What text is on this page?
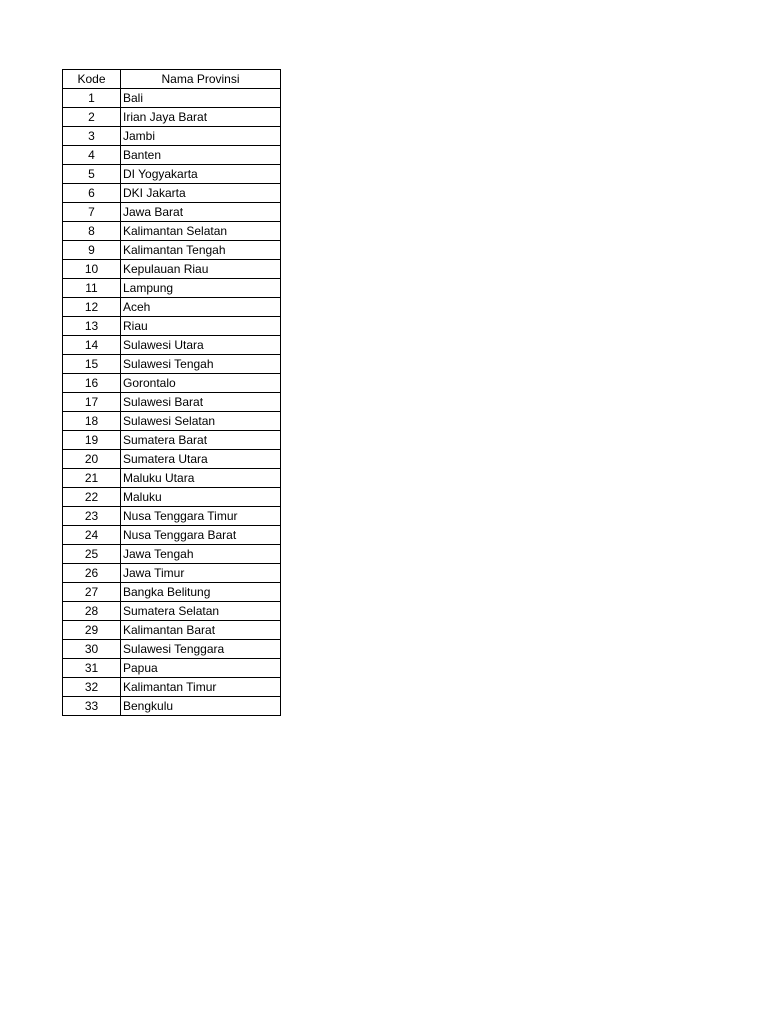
Kode	Nama Provinsi
1	Bali
2	Irian Jaya Barat
3	Jambi
4	Banten
5	DI Yogyakarta
6	DKI Jakarta
7	Jawa Barat
8	Kalimantan Selatan
9	Kalimantan Tengah
10	Kepulauan Riau
11	Lampung
12	Aceh
13	Riau
14	Sulawesi Utara
15	Sulawesi Tengah
16	Gorontalo
17	Sulawesi Barat
18	Sulawesi Selatan
19	Sumatera Barat
20	Sumatera Utara
21	Maluku Utara
22	Maluku
23	Nusa Tenggara Timur
24	Nusa Tenggara Barat
25	Jawa Tengah
26	Jawa Timur
27	Bangka Belitung
28	Sumatera Selatan
29	Kalimantan Barat
30	Sulawesi Tenggara
31	Papua
32	Kalimantan Timur
33	Bengkulu
